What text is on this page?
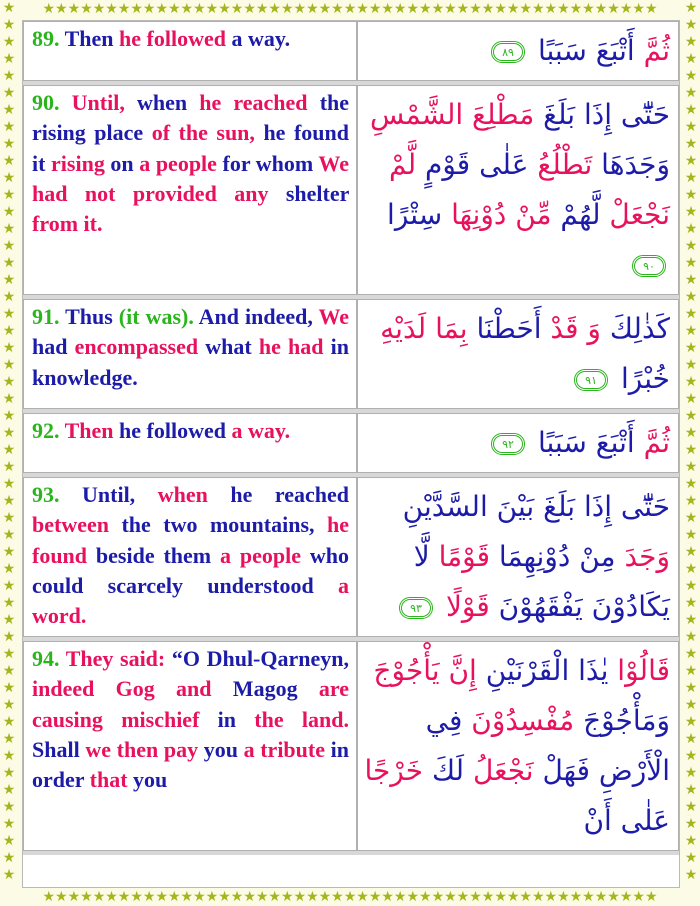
★★★★★★★★★★★★★★★★★★★★★★★★★★★★★★★★★★★★★★★★★★★★★★★★★
★★★★★★★★★★★★★★★★★★★★★★★★★★★★★★★★★★★★★★★★★★★★★★★★★
★★★★★★★★★★★★★★★★★★★★★★★★★★★★★★★★★★★★★★★★★★★★★★★★★★★★
★★★★★★★★★★★★★★★★★★★★★★★★★★★★★★★★★★★★★★★★★★★★★★★★★★★★
89. Then he followed a way.	ثُمَّ أَتْبَعَ سَبَبًا ٨٩
90. Until, when he reached the rising place of the sun, he found it rising on a people for whom We had not provided any shelter from it.
حَتّٰٓى إِذَا بَلَغَ مَطْلِعَ الشَّمْسِ وَجَدَهَا تَطْلُعُ عَلٰى قَوْمٍ لَّمْ نَجْعَلْ لَّهُمْ مِّنْ دُوْنِهَا سِتْرًا ٩٠
91. Thus (it was). And indeed, We had encompassed what he had in knowledge.
كَذٰلِكَ وَ قَدْ أَحَطْنَا بِمَا لَدَيْهِ خُبْرًا ٩١
92. Then he followed a way.	ثُمَّ أَتْبَعَ سَبَبًا ٩٢
93. Until, when he reached between the two mountains, he found beside them a people who could scarcely understood a word.
حَتّٰٓى إِذَا بَلَغَ بَيْنَ السَّدَّيْنِ وَجَدَ مِنْ دُوْنِهِمَا قَوْمًا لَّا يَكَادُوْنَ يَفْقَهُوْنَ قَوْلًا ٩٣
94. They said: “O Dhul-Qarneyn, indeed Gog and Magog are causing mischief in the land. Shall we then pay you a tribute in order that you
قَالُوْا يٰذَا الْقَرْنَيْنِ إِنَّ يَأْجُوْجَ وَمَأْجُوْجَ مُفْسِدُوْنَ فِي الْأَرْضِ فَهَلْ نَجْعَلُ لَكَ خَرْجًا عَلٰى أَنْ
